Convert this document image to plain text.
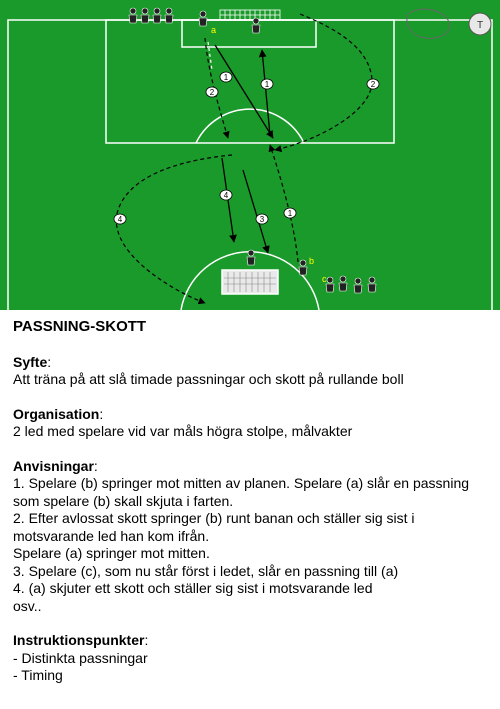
1
1
2
2
4
4	3
1
a
b
c
T

PASSNING-SKOTT

Syfte:

Att träna på att slå timade passningar och skott på rullande boll

Organisation:

2 led med spelare vid var måls högra stolpe, målvakter

Anvisningar:

1. Spelare (b) springer mot mitten av planen. Spelare (a) slår en passning

som spelare (b) skall skjuta i farten.

2. Efter avlossat skott springer (b) runt banan och ställer sig sist i

motsvarande led han kom ifrån.

Spelare (a) springer mot mitten.

3. Spelare (c), som nu står först i ledet, slår en passning till (a)

4. (a) skjuter ett skott och ställer sig sist i motsvarande led

osv..

Instruktionspunkter:

- Distinkta passningar

- Timing
